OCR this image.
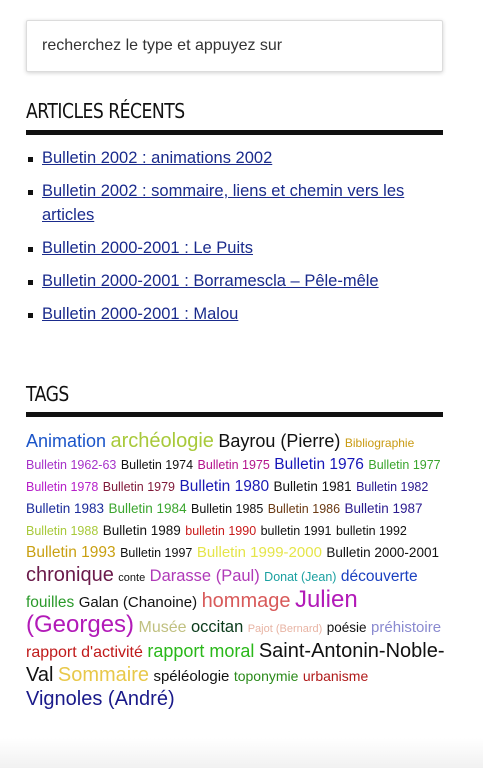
recherchez le type et appuyez sur
ARTICLES RÉCENTS
Bulletin 2002 : animations 2002
Bulletin 2002 : sommaire, liens et chemin vers les articles
Bulletin 2000-2001 : Le Puits
Bulletin 2000-2001 : Borramescla – Pêle-mêle
Bulletin 2000-2001 : Malou
TAGS
Animation archéologie Bayrou (Pierre) Bibliographie Bulletin 1962-63 Bulletin 1974 Bulletin 1975 Bulletin 1976 Bulletin 1977 Bulletin 1978 Bulletin 1979 Bulletin 1980 Bulletin 1981 Bulletin 1982 Bulletin 1983 Bulletin 1984 Bulletin 1985 Bulletin 1986 Bulletin 1987 Bulletin 1988 Bulletin 1989 bulletin 1990 bulletin 1991 bulletin 1992 Bulletin 1993 Bulletin 1997 Bulletin 1999-2000 Bulletin 2000-2001 chronique conte Darasse (Paul) Donat (Jean) découverte fouilles Galan (Chanoine) hommage Julien (Georges) Musée occitan Pajot (Bernard) poésie préhistoire rapport d'activité rapport moral Saint-Antonin-Noble-Val Sommaire spéléologie toponymie urbanisme Vignoles (André)
